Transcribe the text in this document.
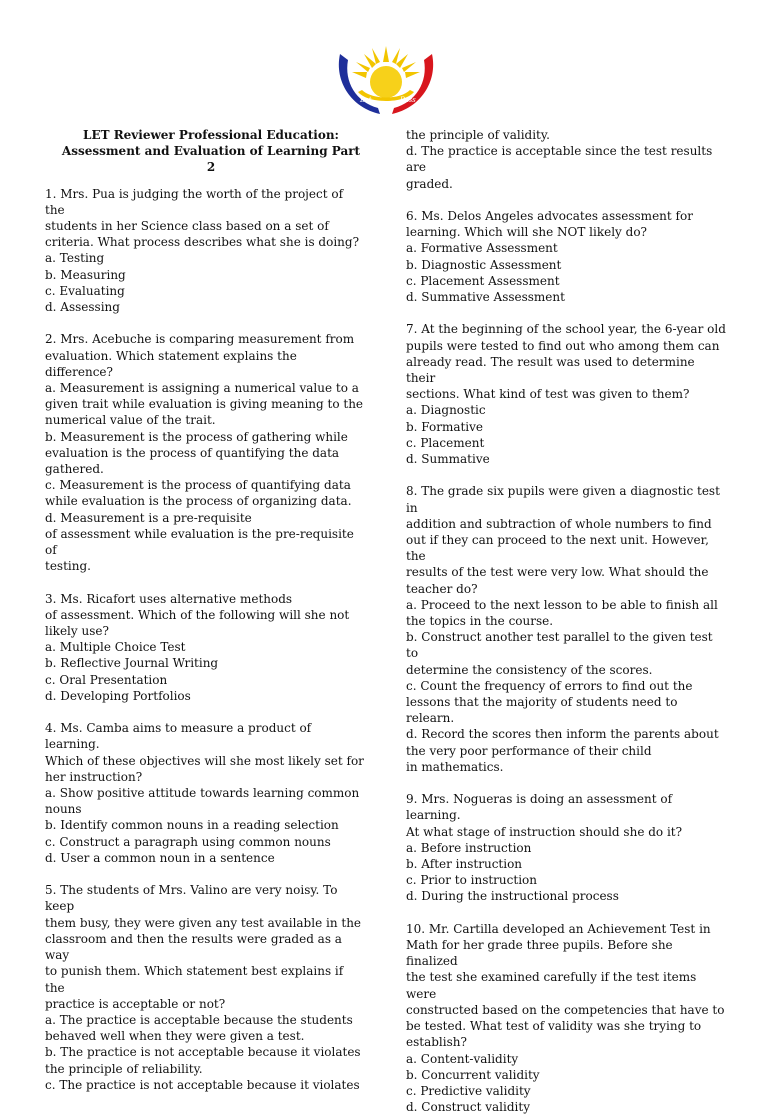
Let	Pass
LET Reviewer Professional Education:
Assessment and Evaluation of Learning Part 2

1. Mrs. Pua is judging the worth of the project of the

students in her Science class based on a set of

criteria. What process describes what she is doing?

a. Testing

b. Measuring

c. Evaluating

d. Assessing

2. Mrs. Acebuche is comparing measurement from

evaluation. Which statement explains the difference?

a. Measurement is assigning a numerical value to a

given trait while evaluation is giving meaning to the

numerical value of the trait.

b. Measurement is the process of gathering while

evaluation is the process of quantifying the data

gathered.

c. Measurement is the process of quantifying data

while evaluation is the process of organizing data.

d. Measurement is a pre-requisite

of assessment while evaluation is the pre-requisite of

testing.

3. Ms. Ricafort uses alternative methods

of assessment. Which of the following will she not

likely use?

a. Multiple Choice Test

b. Reflective Journal Writing

c. Oral Presentation

d. Developing Portfolios

4. Ms. Camba aims to measure a product of learning.

Which of these objectives will she most likely set for

her instruction?

a. Show positive attitude towards learning common

nouns

b. Identify common nouns in a reading selection

c. Construct a paragraph using common nouns

d. User a common noun in a sentence

5. The students of Mrs. Valino are very noisy. To keep

them busy, they were given any test available in the

classroom and then the results were graded as a way

to punish them. Which statement best explains if the

practice is acceptable or not?

a. The practice is acceptable because the students

behaved well when they were given a test.

b. The practice is not acceptable because it violates

the principle of reliability.

c. The practice is not acceptable because it violates

the principle of validity.

d. The practice is acceptable since the test results are

graded.

6. Ms. Delos Angeles advocates assessment for

learning. Which will she NOT likely do?

a. Formative Assessment

b. Diagnostic Assessment

c. Placement Assessment

d. Summative Assessment

7. At the beginning of the school year, the 6-year old

pupils were tested to find out who among them can

already read. The result was used to determine their

sections. What kind of test was given to them?

a. Diagnostic

b. Formative

c. Placement

d. Summative

8. The grade six pupils were given a diagnostic test in

addition and subtraction of whole numbers to find

out if they can proceed to the next unit. However, the

results of the test were very low. What should the

teacher do?

a. Proceed to the next lesson to be able to finish all

the topics in the course.

b. Construct another test parallel to the given test to

determine the consistency of the scores.

c. Count the frequency of errors to find out the

lessons that the majority of students need to relearn.

d. Record the scores then inform the parents about

the very poor performance of their child

in mathematics.

9. Mrs. Nogueras is doing an assessment of learning.

At what stage of instruction should she do it?

a. Before instruction

b. After instruction

c. Prior to instruction

d. During the instructional process

10. Mr. Cartilla developed an Achievement Test in

Math for her grade three pupils. Before she finalized

the test she examined carefully if the test items were

constructed based on the competencies that have to

be tested. What test of validity was she trying to

establish?

a. Content-validity

b. Concurrent validity

c. Predictive validity

d. Construct validity
